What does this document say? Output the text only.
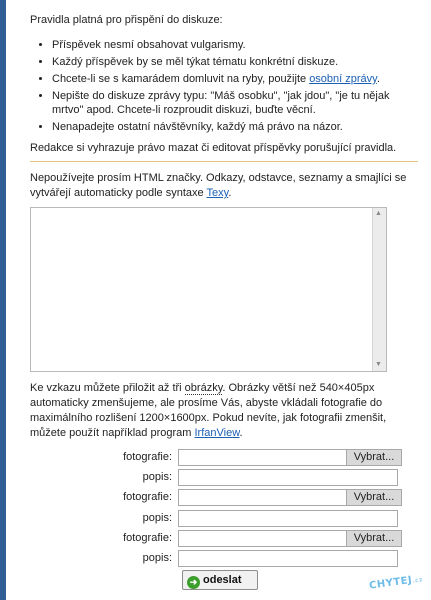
Pravidla platná pro přispění do diskuze:
• Příspěvek nesmí obsahovat vulgarismy.
• Každý příspěvek by se měl týkat tématu konkrétní diskuze.
• Chcete-li se s kamarádem domluvit na ryby, použijte osobní zprávy.
• Nepište do diskuze zprávy typu: "Máš osobku", "jak jdou", "je tu nějak mrtvo" apod. Chcete-li rozproudit diskuzi, buďte věcní.
• Nenapadejte ostatní návštěvníky, každý má právo na názor.
Redakce si vyhrazuje právo mazat či editovat příspěvky porušující pravidla.
Nepoužívejte prosím HTML značky. Odkazy, odstavce, seznamy a smajlíci se vytvářejí automaticky podle syntaxe Texy.
▲
▼
Ke vzkazu můžete přiložit až tři obrázky. Obrázky větší než 540×405px automaticky zmenšujeme, ale prosíme Vás, abyste vkládali fotografie do maximálního rozlišení 1200×1600px. Pokud nevíte, jak fotografii zmenšit, můžete použít například program IrfanView.
fotografie:	Vybrat...
popis:
fotografie:	Vybrat...
popis:
fotografie:	Vybrat...
popis:
➜ odeslat	CHYTEJ.cz
